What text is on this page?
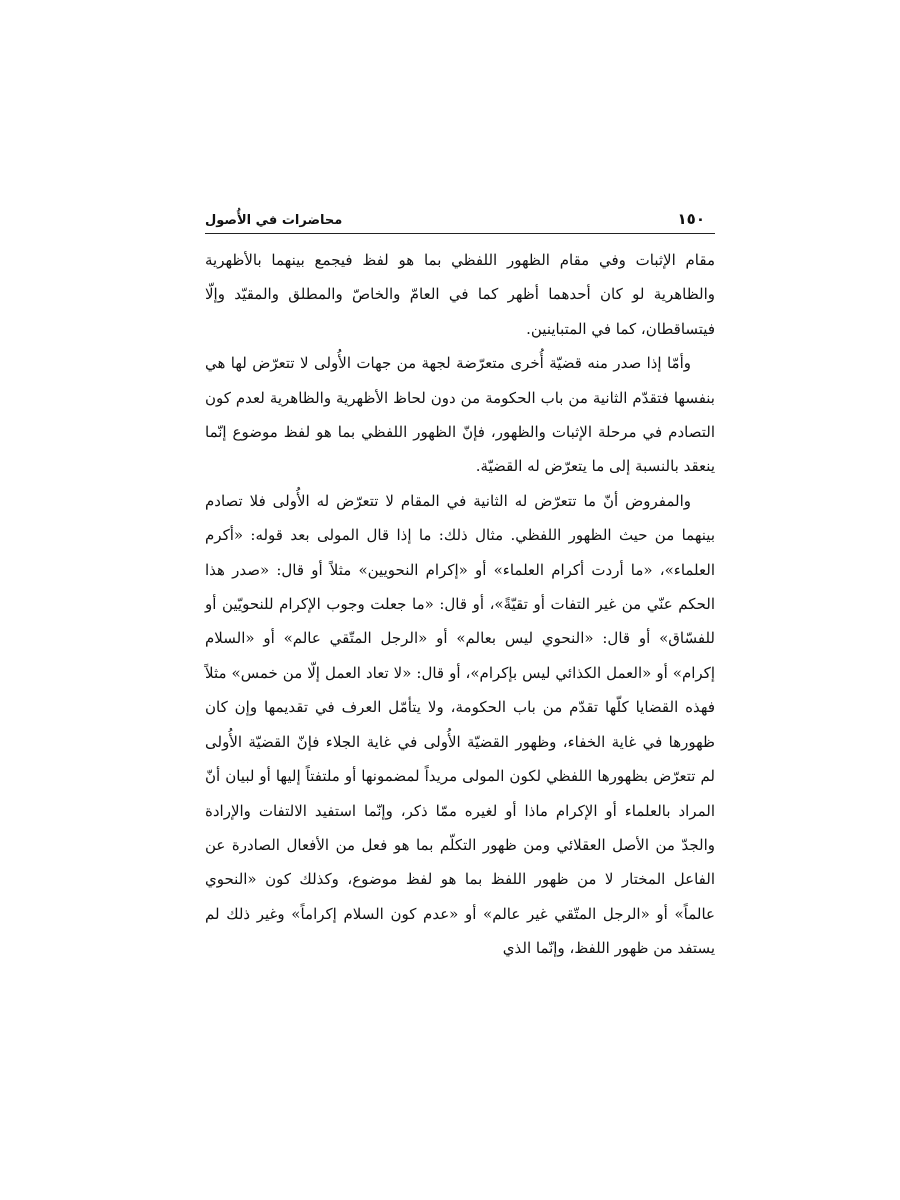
١٥٠
محاضرات في الأُصول

مقام الإثبات وفي مقام الظهور اللفظي بما هو لفظ فيجمع بينهما بالأظهرية والظاهرية لو كان أحدهما أظهر كما في العامّ والخاصّ والمطلق والمقيّد وإلّا فيتساقطان، كما في المتباينين.

وأمّا إذا صدر منه قضيّة أُخرى متعرّضة لجهة من جهات الأُولى لا تتعرّض لها هي بنفسها فتقدّم الثانية من باب الحكومة من دون لحاظ الأظهرية والظاهرية لعدم كون التصادم في مرحلة الإثبات والظهور، فإنّ الظهور اللفظي بما هو لفظ موضوع إنّما ينعقد بالنسبة إلى ما يتعرّض له القضيّة.

والمفروض أنّ ما تتعرّض له الثانية في المقام لا تتعرّض له الأُولى فلا تصادم بينهما من حيث الظهور اللفظي. مثال ذلك: ما إذا قال المولى بعد قوله: «أكرم العلماء»، «ما أردت أكرام العلماء» أو «إكرام النحويين» مثلاً أو قال: «صدر هذا الحكم عنّي من غير التفات أو تقيّةً»، أو قال: «ما جعلت وجوب الإكرام للنحويّين أو للفسّاق» أو قال: «النحوي ليس بعالم» أو «الرجل المتّقي عالم» أو «السلام إكرام» أو «العمل الكذائي ليس بإكرام»، أو قال: «لا تعاد العمل إلّا من خمس» مثلاً فهذه القضايا كلّها تقدّم من باب الحكومة، ولا يتأمّل العرف في تقديمها وإن كان ظهورها في غاية الخفاء، وظهور القضيّة الأُولى في غاية الجلاء فإنّ القضيّة الأُولى لم تتعرّض بظهورها اللفظي لكون المولى مريداً لمضمونها أو ملتفتاً إليها أو لبيان أنّ المراد بالعلماء أو الإكرام ماذا أو لغيره ممّا ذكر، وإنّما استفيد الالتفات والإرادة والجدّ من الأصل العقلائي ومن ظهور التكلّم بما هو فعل من الأفعال الصادرة عن الفاعل المختار لا من ظهور اللفظ بما هو لفظ موضوع، وكذلك كون «النحوي عالماً» أو «الرجل المتّقي غير عالم» أو «عدم كون السلام إكراماً» وغير ذلك لم يستفد من ظهور اللفظ، وإنّما الذي
